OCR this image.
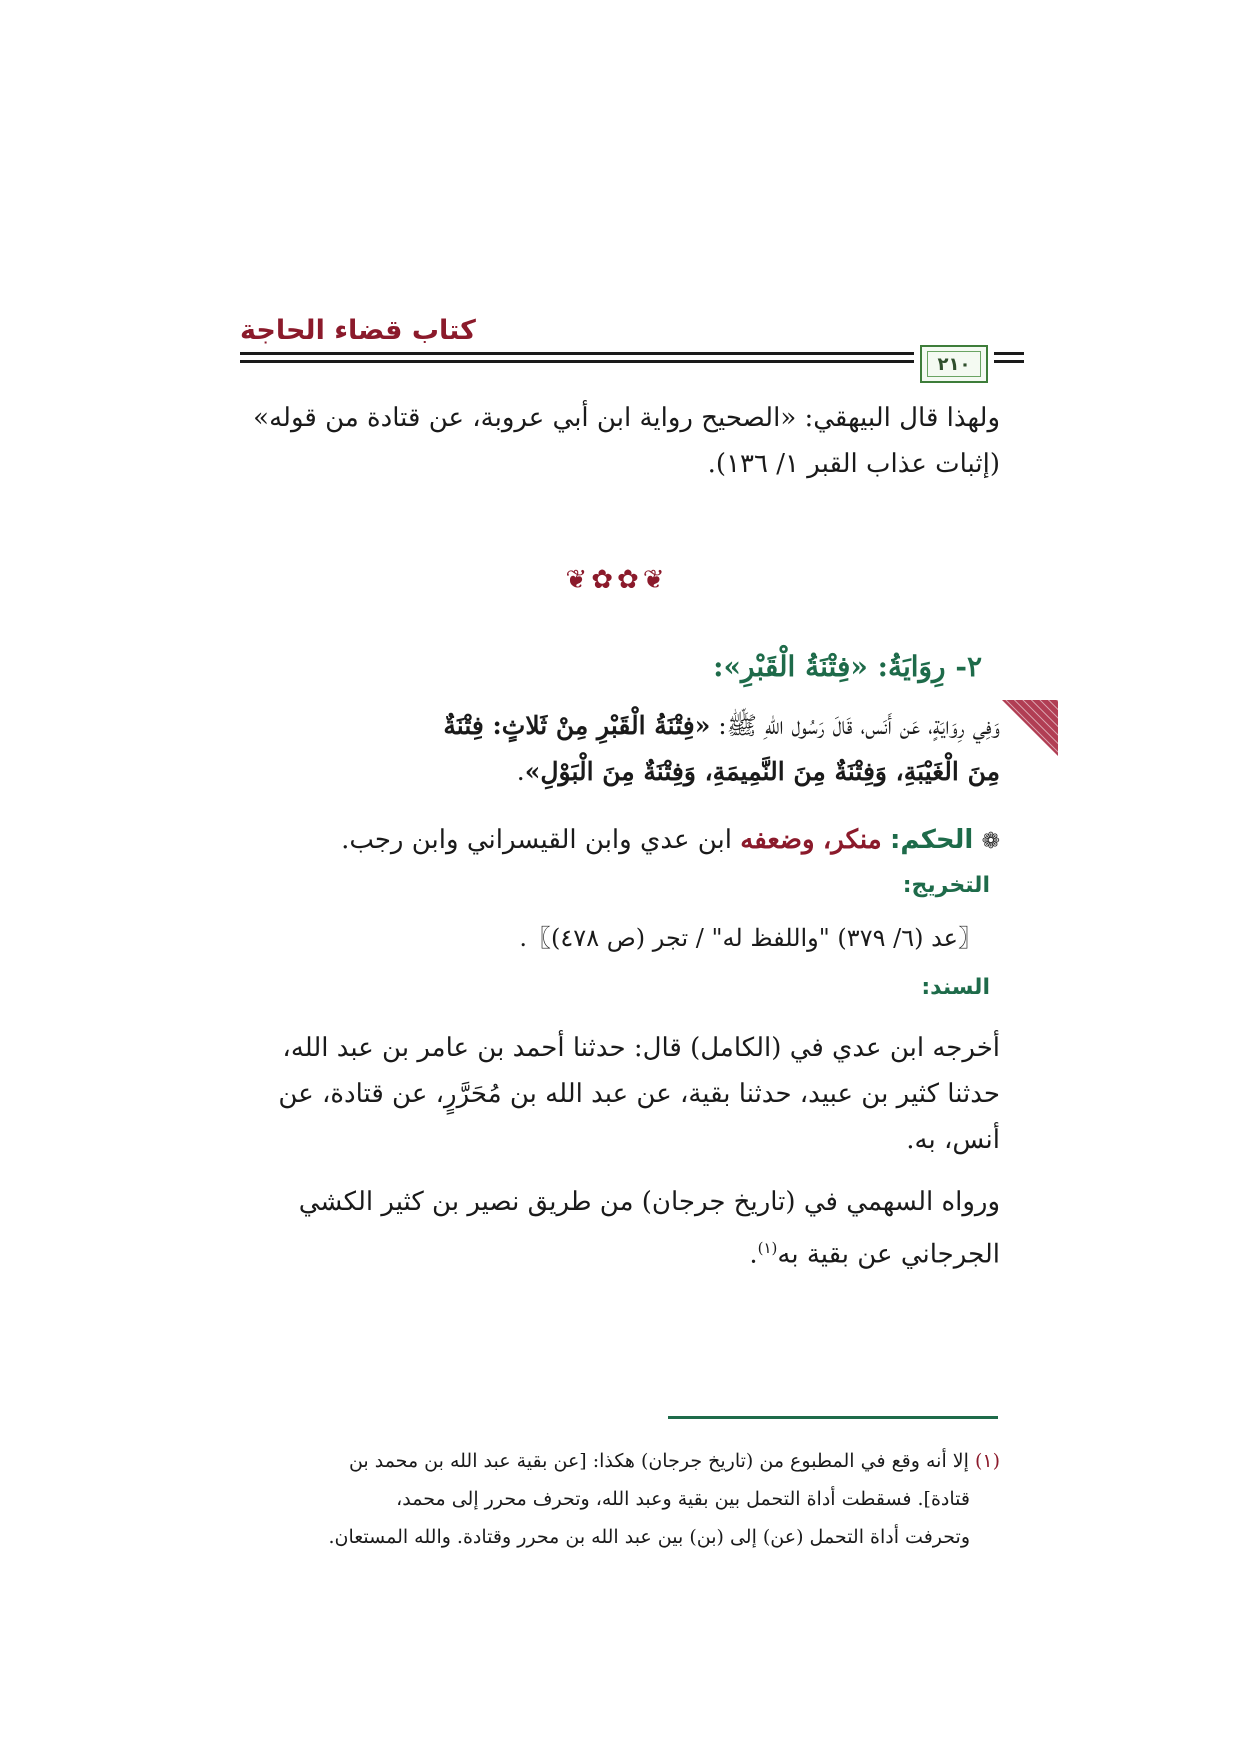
كتاب قضاء الحاجة
٢١٠
ولهذا قال البيهقي: «الصحيح رواية ابن أبي عروبة، عن قتادة من قوله»
(إثبات عذاب القبر ١/ ١٣٦).
❦ ✿ ✿ ❦
٢- رِوَايَةُ: «فِتْنَةُ الْقَبْرِ»:
وَفِي رِوَايَةٍ، عَن أَنَس، قَالَ رَسُول اللهِ ﷺ: «فِتْنَةُ الْقَبْرِ مِنْ ثَلاثٍ: فِتْنَةٌ
مِنَ الْغَيْبَةِ، وَفِتْنَةٌ مِنَ النَّمِيمَةِ، وَفِتْنَةٌ مِنَ الْبَوْلِ».
❁ الحكم: منكر، وضعفه ابن عدي وابن القيسراني وابن رجب.
التخريج:
〖عد (٦/ ٣٧٩) "واللفظ له" / تجر (ص ٤٧٨)〗.
السند:
أخرجه ابن عدي في (الكامل) قال: حدثنا أحمد بن عامر بن عبد الله،
حدثنا كثير بن عبيد، حدثنا بقية، عن عبد الله بن مُحَرَّرٍ، عن قتادة، عن
أنس، به.
ورواه السهمي في (تاريخ جرجان) من طريق نصير بن كثير الكشي
الجرجاني عن بقية به$^{(١)}$.
(١) إلا أنه وقع في المطبوع من (تاريخ جرجان) هكذا: [عن بقية عبد الله بن محمد بن
قتادة]. فسقطت أداة التحمل بين بقية وعبد الله، وتحرف محرر إلى محمد،
وتحرفت أداة التحمل (عن) إلى (بن) بين عبد الله بن محرر وقتادة. والله المستعان.
